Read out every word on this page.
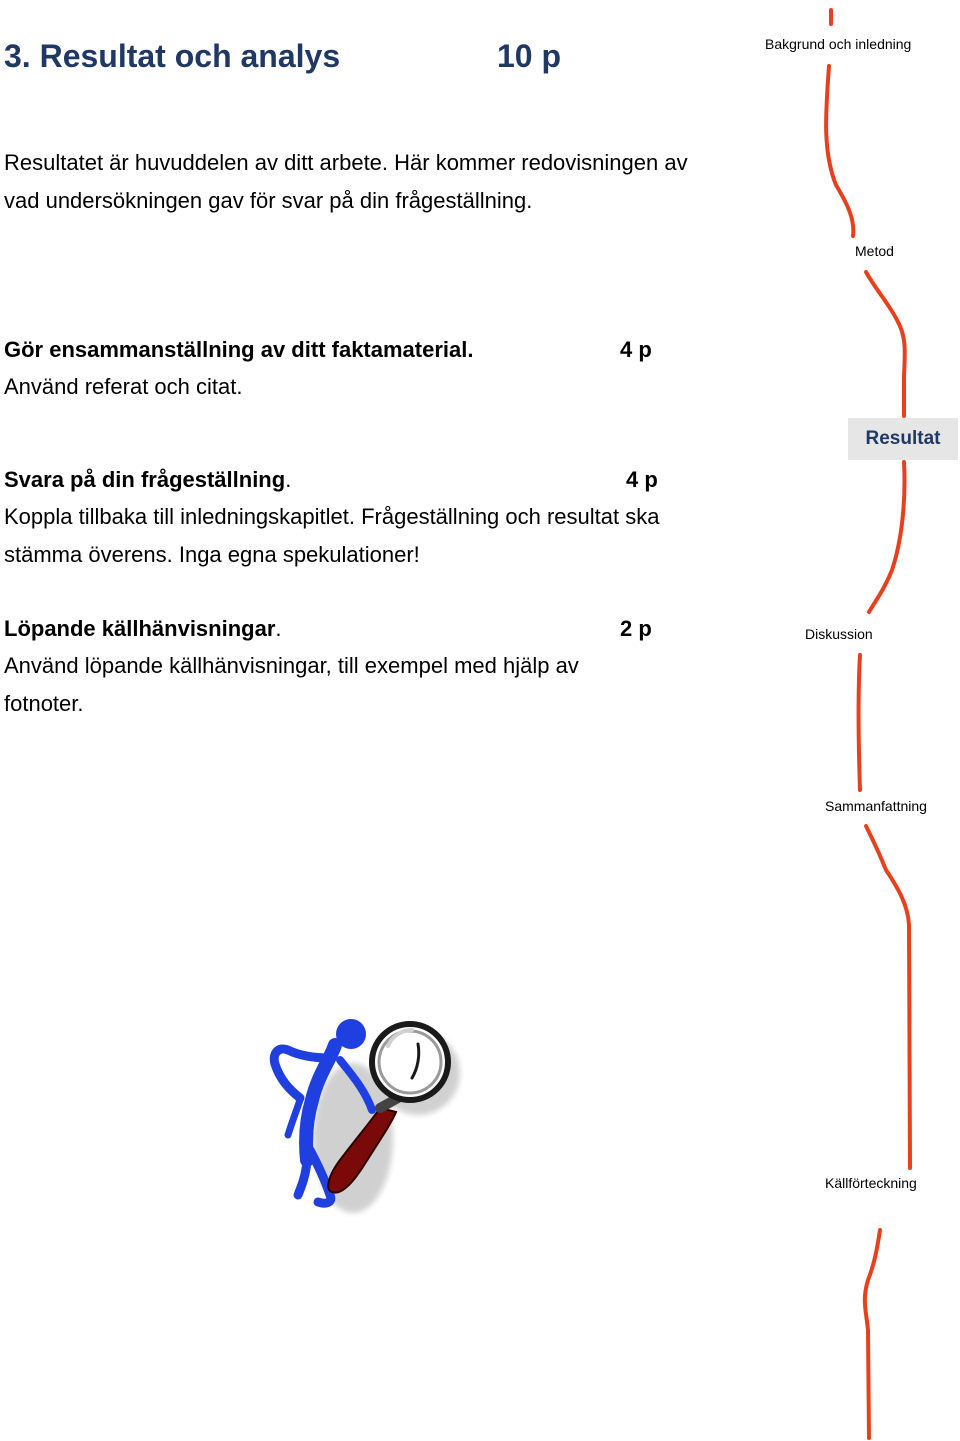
3. Resultat och analys	10 p
Resultatet är huvuddelen av ditt arbete. Här kommer redovisningen av vad undersökningen gav för svar på din frågeställning.
Gör ensammanställning av ditt faktamaterial.	4 p
Använd referat och citat.
Svara på din frågeställning.	4 p
Koppla tillbaka till inledningskapitlet. Frågeställning och resultat ska
stämma överens. Inga egna spekulationer!
Löpande källhänvisningar.	2 p
Använd löpande källhänvisningar, till exempel med hjälp av
fotnoter.
Bakgrund och inledning
Metod
Resultat
Diskussion
Sammanfattning
Källförteckning
